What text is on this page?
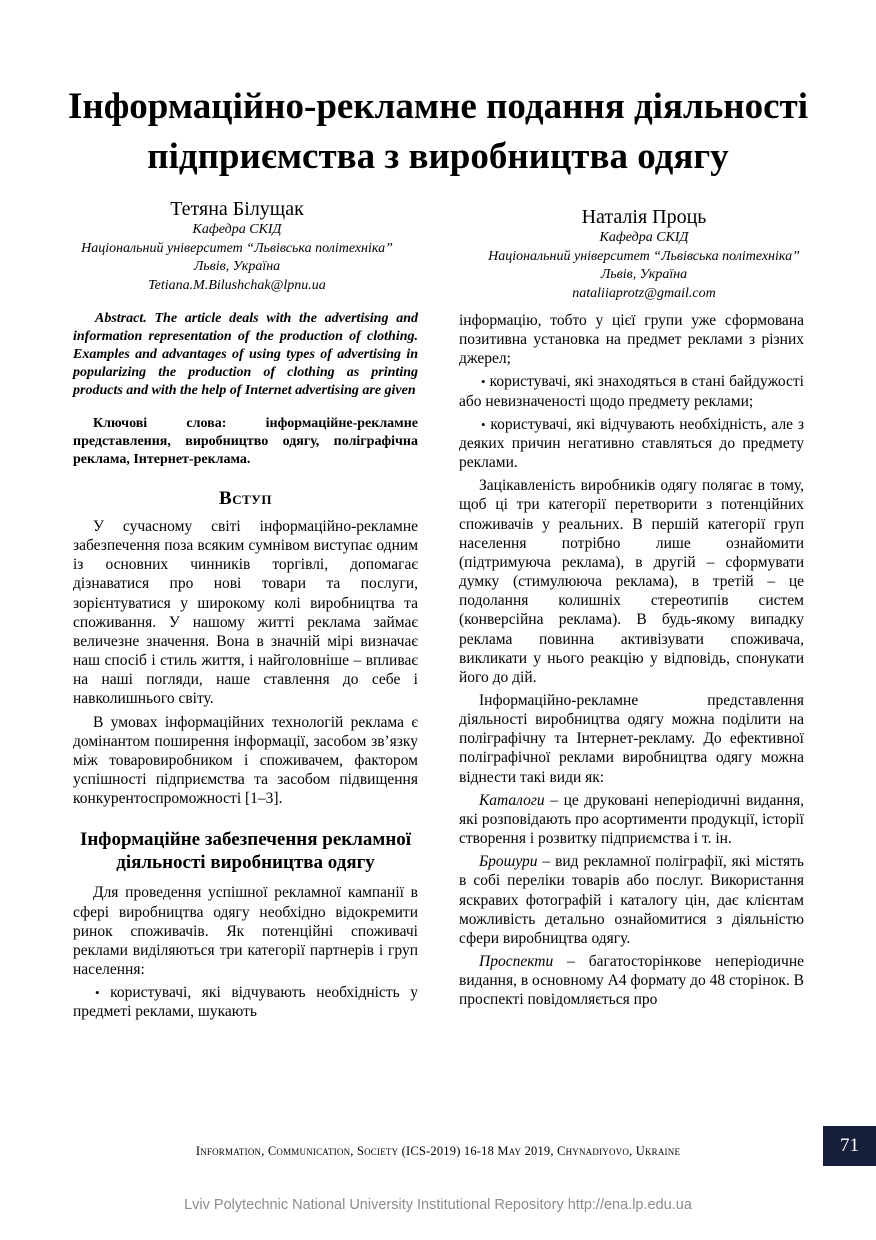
Інформаційно-рекламне подання діяльності
підприємства з виробництва одягу
Тетяна Білущак
Кафедра СКІД
Національний університет “Львівська політехніка”
Львів, Україна
Tetiana.M.Bilushchak@lpnu.ua
Наталія Проць
Кафедра СКІД
Національний університет “Львівська політехніка”
Львів, Україна
nataliiaprotz@gmail.com

Abstract. The article deals with the advertising and information representation of the production of clothing. Examples and advantages of using types of advertising in popularizing the production of clothing as printing products and with the help of Internet advertising are given

Ключові слова:	інформаційне-рекламне представлення, виробництво одягу, поліграфічна реклама, Інтернет-реклама.

Вступ

У сучасному світі інформаційно-рекламне забезпечення поза всяким сумнівом виступає одним із основних чинників торгівлі, допомагає дізнаватися про нові товари та послуги, зорієнтуватися у широкому колі виробництва та споживання. У нашому житті реклама займає величезне значення. Вона в значній мірі визначає наш спосіб і стиль життя, і найголовніше – впливає на наші погляди, наше ставлення до себе і навколишнього світу.

В умовах інформаційних технологій реклама є домінантом поширення інформації, засобом зв’язку між товаровиробником і споживачем, фактором успішності підприємства та засобом підвищення конкурентоспроможності [1–3].

Інформаційне забезпечення рекламної діяльності виробництва одягу

Для проведення успішної рекламної кампанії в сфері виробництва одягу необхідно відокремити ринок споживачів. Як потенційні споживачі реклами виділяються три категорії партнерів і груп населення:

• користувачі, які відчувають необхідність у предметі реклами, шукають

інформацію, тобто у цієї групи уже сформована позитивна установка на предмет реклами з різних джерел;

• користувачі, які знаходяться в стані байдужості або невизначеності щодо предмету реклами;

• користувачі, які відчувають необхідність, але з деяких причин негативно ставляться до предмету реклами.

Зацікавленість виробників одягу полягає в тому, щоб ці три категорії перетворити з потенційних споживачів у реальних. В першій категорії груп населення потрібно лише ознайомити (підтримуюча реклама), в другій – сформувати думку (стимулююча реклама), в третій – це подолання колишніх стереотипів систем (конверсійна реклама). В будь-якому випадку реклама повинна активізувати споживача, викликати у нього реакцію у відповідь, спонукати його до дій.

Інформаційно-рекламне представлення діяльності виробництва одягу можна поділити на поліграфічну та Інтернет-рекламу. До ефективної поліграфічної реклами виробництва одягу можна віднести такі види як:

Каталоги – це друковані неперіодичні видання, які розповідають про асортименти продукції, історії створення і розвитку підприємства і т. ін.

Брошури – вид рекламної поліграфії, які містять в собі переліки товарів або послуг. Використання яскравих фотографій і каталогу цін, дає клієнтам можливість детально ознайомитися з діяльністю сфери виробництва одягу.

Проспекти – багатосторінкове неперіодичне видання, в основному А4 формату до 48 сторінок. В проспекті повідомляється про

Information, Communication, Society (ICS-2019) 16-18 May 2019, Chynadiyovo, Ukraine	71
Lviv Polytechnic National University Institutional Repository http://ena.lp.edu.ua
